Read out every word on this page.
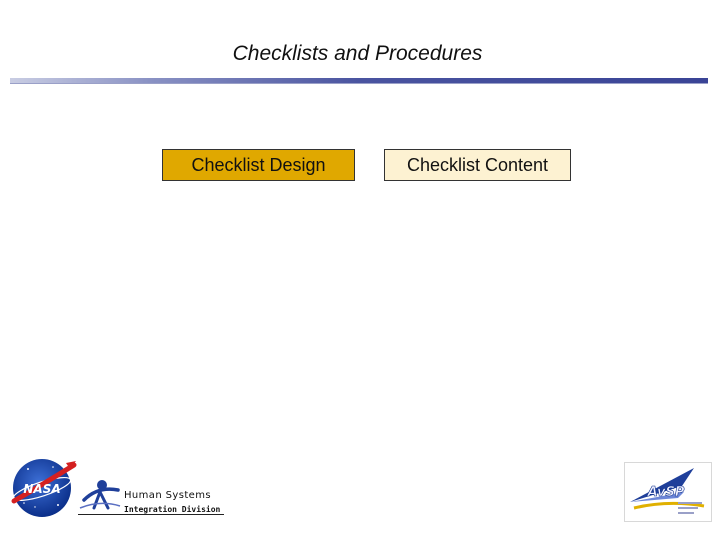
Checklists and Procedures
Checklist Design	Checklist Content
NASA	Human Systems
Integration Division
AvSP
